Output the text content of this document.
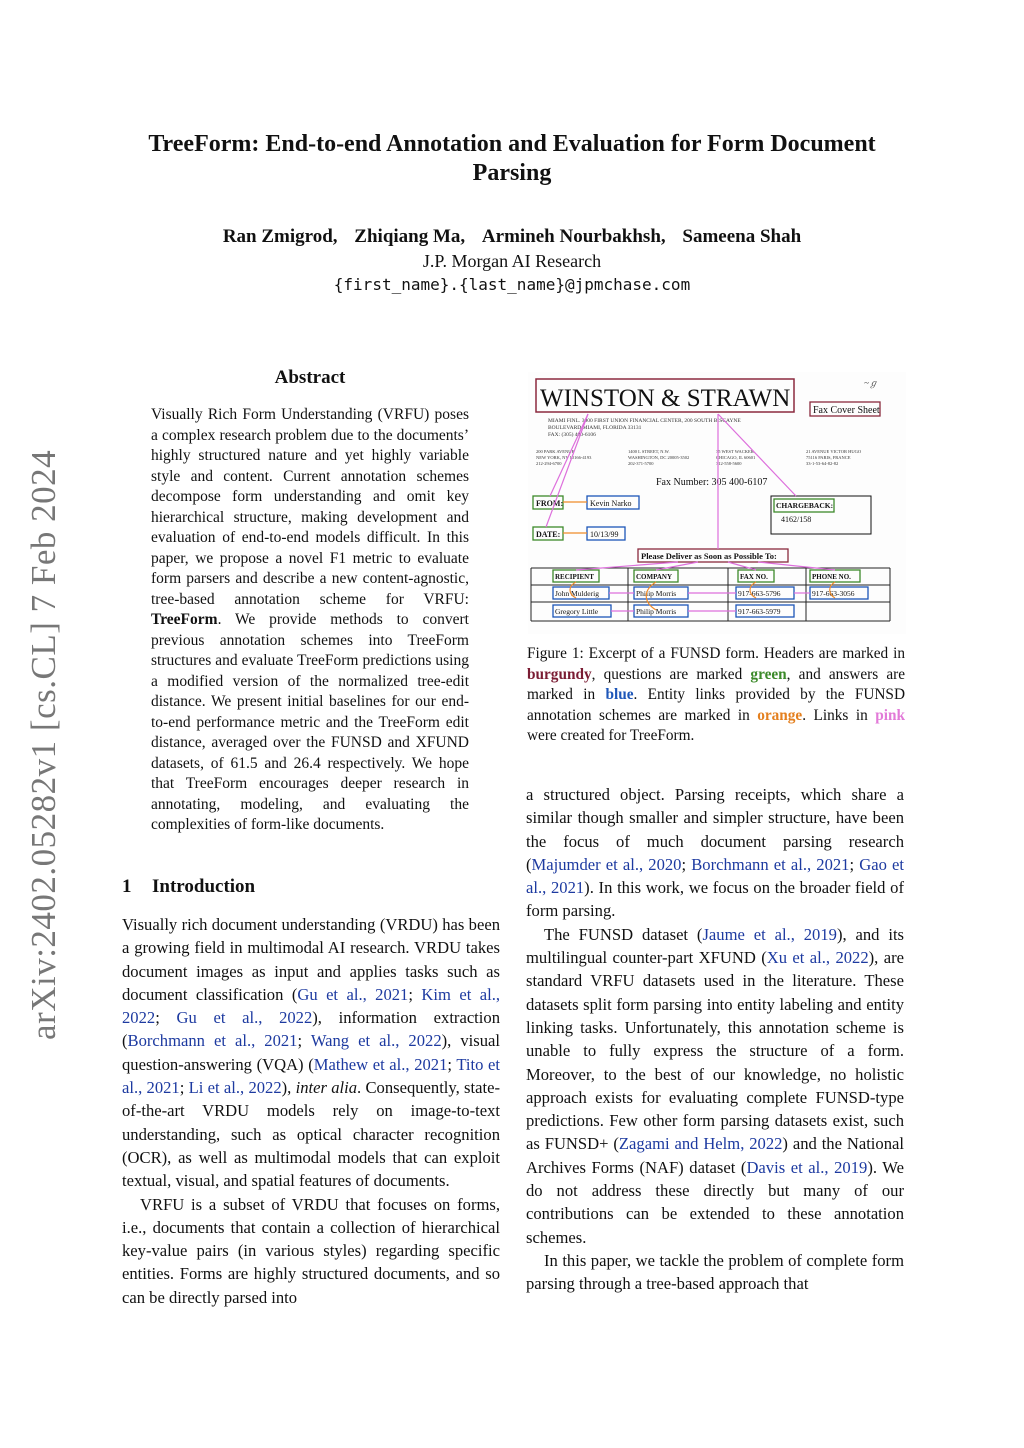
arXiv:2402.05282v1 [cs.CL] 7 Feb 2024
TreeForm: End-to-end Annotation and Evaluation for Form Document
Parsing
Ran Zmigrod, Zhiqiang Ma, Armineh Nourbakhsh, Sameena Shah
J.P. Morgan AI Research
{first_name}.{last_name}@jpmchase.com
Abstract
Visually Rich Form Understanding (VRFU) poses a complex research problem due to the documents’ highly structured nature and yet highly variable style and content. Current annotation schemes decompose form understanding and omit key hierarchical structure, making development and evaluation of end-to-end models difficult. In this paper, we propose a novel F1 metric to evaluate form parsers and describe a new content-agnostic, tree-based annotation scheme for VRFU: TreeForm. We provide methods to convert previous annotation schemes into TreeForm structures and evaluate TreeForm predictions using a modified version of the normalized tree-edit distance. We present initial baselines for our end-to-end performance metric and the TreeForm edit distance, averaged over the FUNSD and XFUND datasets, of 61.5 and 26.4 respectively. We hope that TreeForm encourages deeper research in annotating, modeling, and evaluating the complexities of form-like documents.
1 Introduction

Visually rich document understanding (VRDU) has been a growing field in multimodal AI research. VRDU takes document images as input and applies tasks such as document classification (Gu et al., 2021; Kim et al., 2022; Gu et al., 2022), information extraction (Borchmann et al., 2021; Wang et al., 2022), visual question-answering (VQA) (Mathew et al., 2021; Tito et al., 2021; Li et al., 2022), inter alia. Consequently, state-of-the-art VRDU models rely on image-to-text understanding, such as optical character recognition (OCR), as well as multimodal models that can exploit textual, visual, and spatial features of documents.

VRFU is a subset of VRDU that focuses on forms, i.e., documents that contain a collection of hierarchical key-value pairs (in various styles) regarding specific entities. Forms are highly structured documents, and so can be directly parsed into

WINSTON & STRAWN Fax Cover Sheet
~ℊ
MIAMI FINL. 3000 FIRST UNION FINANCIAL CENTER, 200 SOUTH BISCAYNE
BOULEVARD MIAMI, FLORIDA 33131
FAX: (305) 400-6106
200 PARK AVENUE
NEW YORK, NY 10166-4193
212-294-6700
1400 L STREET, N.W.
WASHINGTON, DC 20005-3502
202-371-5700
35 WEST WACKER
CHICAGO, IL 60601
312-558-5600
21 AVENUE VICTOR HUGO
75116 PARIS, FRANCE
33-1-53-64-82-82
Fax Number: 305 400-6107
FROM:	Kevin Narko
DATE:	10/13/99
CHARGEBACK:
4162/158
Please Deliver as Soon as Possible To:
RECIPIENT	COMPANY	FAX NO.	PHONE NO.
John Mulderig	Philip Morris	917-663-5796	917-663-3056
Gregory Little	Philip Morris	917-663-5979
Figure 1: Excerpt of a FUNSD form. Headers are marked in burgundy, questions are marked green, and answers are marked in blue. Entity links provided by the FUNSD annotation schemes are marked in orange. Links in pink were created for TreeForm.

a structured object. Parsing receipts, which share a similar though smaller and simpler structure, have been the focus of much document parsing research (Majumder et al., 2020; Borchmann et al., 2021; Gao et al., 2021). In this work, we focus on the broader field of form parsing.

The FUNSD dataset (Jaume et al., 2019), and its multilingual counter-part XFUND (Xu et al., 2022), are standard VRFU datasets used in the literature. These datasets split form parsing into entity labeling and entity linking tasks. Unfortunately, this annotation scheme is unable to fully express the structure of a form. Moreover, to the best of our knowledge, no holistic approach exists for evaluating complete FUNSD-type predictions. Few other form parsing datasets exist, such as FUNSD+ (Zagami and Helm, 2022) and the National Archives Forms (NAF) dataset (Davis et al., 2019). We do not address these directly but many of our contributions can be extended to these annotation schemes.

In this paper, we tackle the problem of complete form parsing through a tree-based approach that
